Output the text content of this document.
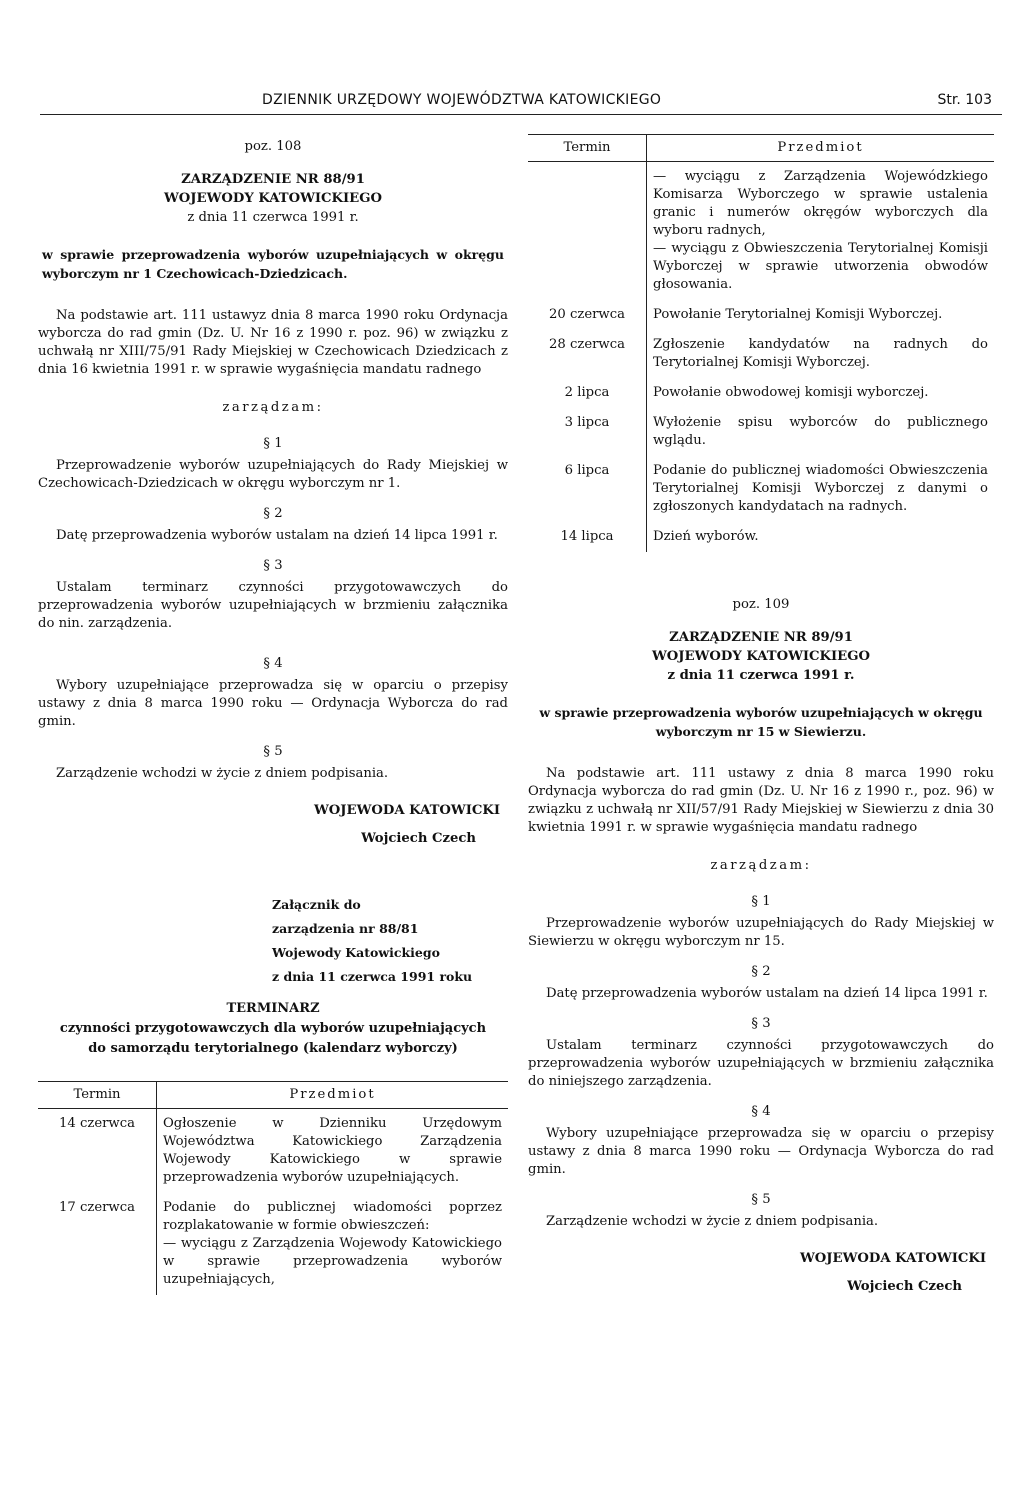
DZIENNIK URZĘDOWY WOJEWÓDZTWA KATOWICKIEGO	Str. 103
poz. 108
ZARZĄDZENIE NR 88/91
WOJEWODY KATOWICKIEGO
z dnia 11 czerwca 1991 r.
w sprawie przeprowadzenia wyborów uzupełniających w okręgu wyborczym nr 1 Czechowicach-Dziedzicach.

Na podstawie art. 111 ustawyz dnia 8 marca 1990 roku Ordynacja wyborcza do rad gmin (Dz. U. Nr 16 z 1990 r. poz. 96) w związku z uchwałą nr XIII/75/91 Rady Miejskiej w Czechowicach Dziedzicach z dnia 16 kwietnia 1991 r. w sprawie wygaśnięcia mandatu radnego

zarządzam:
§ 1

Przeprowadzenie wyborów uzupełniających do Rady Miejskiej w Czechowicach-Dziedzicach w okręgu wyborczym nr 1.

§ 2

Datę przeprowadzenia wyborów ustalam na dzień 14 lipca 1991 r.

§ 3

Ustalam terminarz czynności przygotowawczych do przeprowadzenia wyborów uzupełniających w brzmieniu załącznika do nin. zarządzenia.

§ 4

Wybory uzupełniające przeprowadza się w oparciu o przepisy ustawy z dnia 8 marca 1990 roku — Ordynacja Wyborcza do rad gmin.

§ 5

Zarządzenie wchodzi w życie z dniem podpisania.

WOJEWODA KATOWICKI
Wojciech Czech
Załącznik do
zarządzenia nr 88/81
Wojewody Katowickiego
z dnia 11 czerwca 1991 roku
TERMINARZ
czynności przygotowawczych dla wyborów uzupełniających
do samorządu terytorialnego (kalendarz wyborczy)
Termin	Przedmiot
14 czerwca	Ogłoszenie w Dzienniku Urzędowym Województwa Katowickiego Zarządzenia Wojewody Katowickiego w sprawie przeprowadzenia wyborów uzupełniających.
17 czerwca	Podanie do publicznej wiadomości poprzez rozplakatowanie w formie obwieszczeń:
— wyciągu z Zarządzenia Wojewody Katowickiego w sprawie przeprowadzenia wyborów uzupełniających,
Termin	Przedmiot

	— wyciągu z Zarządzenia Wojewódzkiego Komisarza Wyborczego w sprawie ustalenia granic i numerów okręgów wyborczych dla wyboru radnych,
— wyciągu z Obwieszczenia Terytorialnej Komisji Wyborczej w sprawie utworzenia obwodów głosowania.

20 czerwca	Powołanie Terytorialnej Komisji Wyborczej.
28 czerwca	Zgłoszenie kandydatów na radnych do Terytorialnej Komisji Wyborczej.
2 lipca	Powołanie obwodowej komisji wyborczej.
3 lipca	Wyłożenie spisu wyborców do publicznego wglądu.
6 lipca	Podanie do publicznej wiadomości Obwieszczenia Terytorialnej Komisji Wyborczej z danymi o zgłoszonych kandydatach na radnych.
14 lipca	Dzień wyborów.
poz. 109
ZARZĄDZENIE NR 89/91
WOJEWODY KATOWICKIEGO
z dnia 11 czerwca 1991 r.
w sprawie przeprowadzenia wyborów uzupełniających w okręgu wyborczym nr 15 w Siewierzu.

Na podstawie art. 111 ustawy z dnia 8 marca 1990 roku Ordynacja wyborcza do rad gmin (Dz. U. Nr 16 z 1990 r., poz. 96) w związku z uchwałą nr XII/57/91 Rady Miejskiej w Siewierzu z dnia 30 kwietnia 1991 r. w sprawie wygaśnięcia mandatu radnego

zarządzam:
§ 1

Przeprowadzenie wyborów uzupełniających do Rady Miejskiej w Siewierzu w okręgu wyborczym nr 15.

§ 2

Datę przeprowadzenia wyborów ustalam na dzień 14 lipca 1991 r.

§ 3

Ustalam terminarz czynności przygotowawczych do przeprowadzenia wyborów uzupełniających w brzmieniu załącznika do niniejszego zarządzenia.

§ 4

Wybory uzupełniające przeprowadza się w oparciu o przepisy ustawy z dnia 8 marca 1990 roku — Ordynacja Wyborcza do rad gmin.

§ 5

Zarządzenie wchodzi w życie z dniem podpisania.

WOJEWODA KATOWICKI
Wojciech Czech
